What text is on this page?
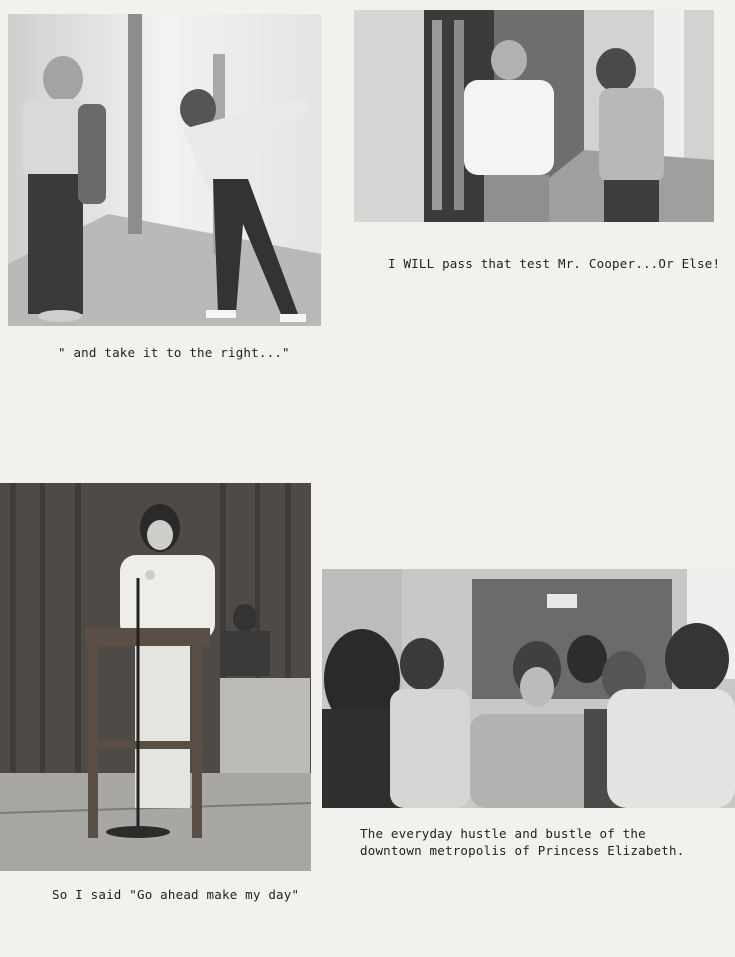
" and take it to the right..."
I WILL pass that test Mr. Cooper...Or Else!
So I said "Go ahead make my day"
The everyday hustle and bustle of the
downtown metropolis of Princess Elizabeth.
